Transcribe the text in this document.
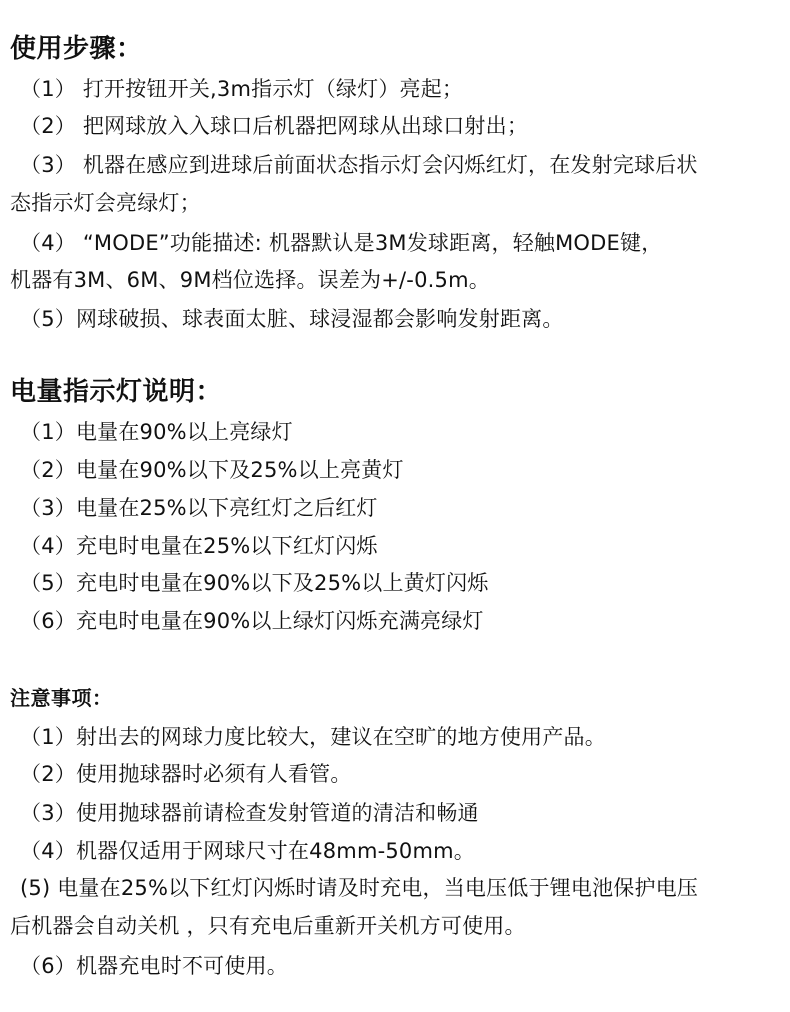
使用步骤：
（1） 打开按钮开关,3m指示灯（绿灯）亮起；
（2） 把网球放入入球口后机器把网球从出球口射出；
（3） 机器在感应到进球后前面状态指示灯会闪烁红灯，在发射完球后状
态指示灯会亮绿灯；
（4） “MODE”功能描述: 机器默认是3M发球距离，轻触MODE键，
机器有3M、6M、9M档位选择。误差为+/-0.5m。
（5）网球破损、球表面太脏、球浸湿都会影响发射距离。
电量指示灯说明：
（1）电量在90%以上亮绿灯
（2）电量在90%以下及25%以上亮黄灯
（3）电量在25%以下亮红灯之后红灯
（4）充电时电量在25%以下红灯闪烁
（5）充电时电量在90%以下及25%以上黄灯闪烁
（6）充电时电量在90%以上绿灯闪烁充满亮绿灯
注意事项：
（1）射出去的网球力度比较大，建议在空旷的地方使用产品。
（2）使用抛球器时必须有人看管。
（3）使用抛球器前请检查发射管道的清洁和畅通
（4）机器仅适用于网球尺寸在48mm-50mm。
(5) 电量在25%以下红灯闪烁时请及时充电，当电压低于锂电池保护电压
后机器会自动关机 ，只有充电后重新开关机方可使用。
（6）机器充电时不可使用。
